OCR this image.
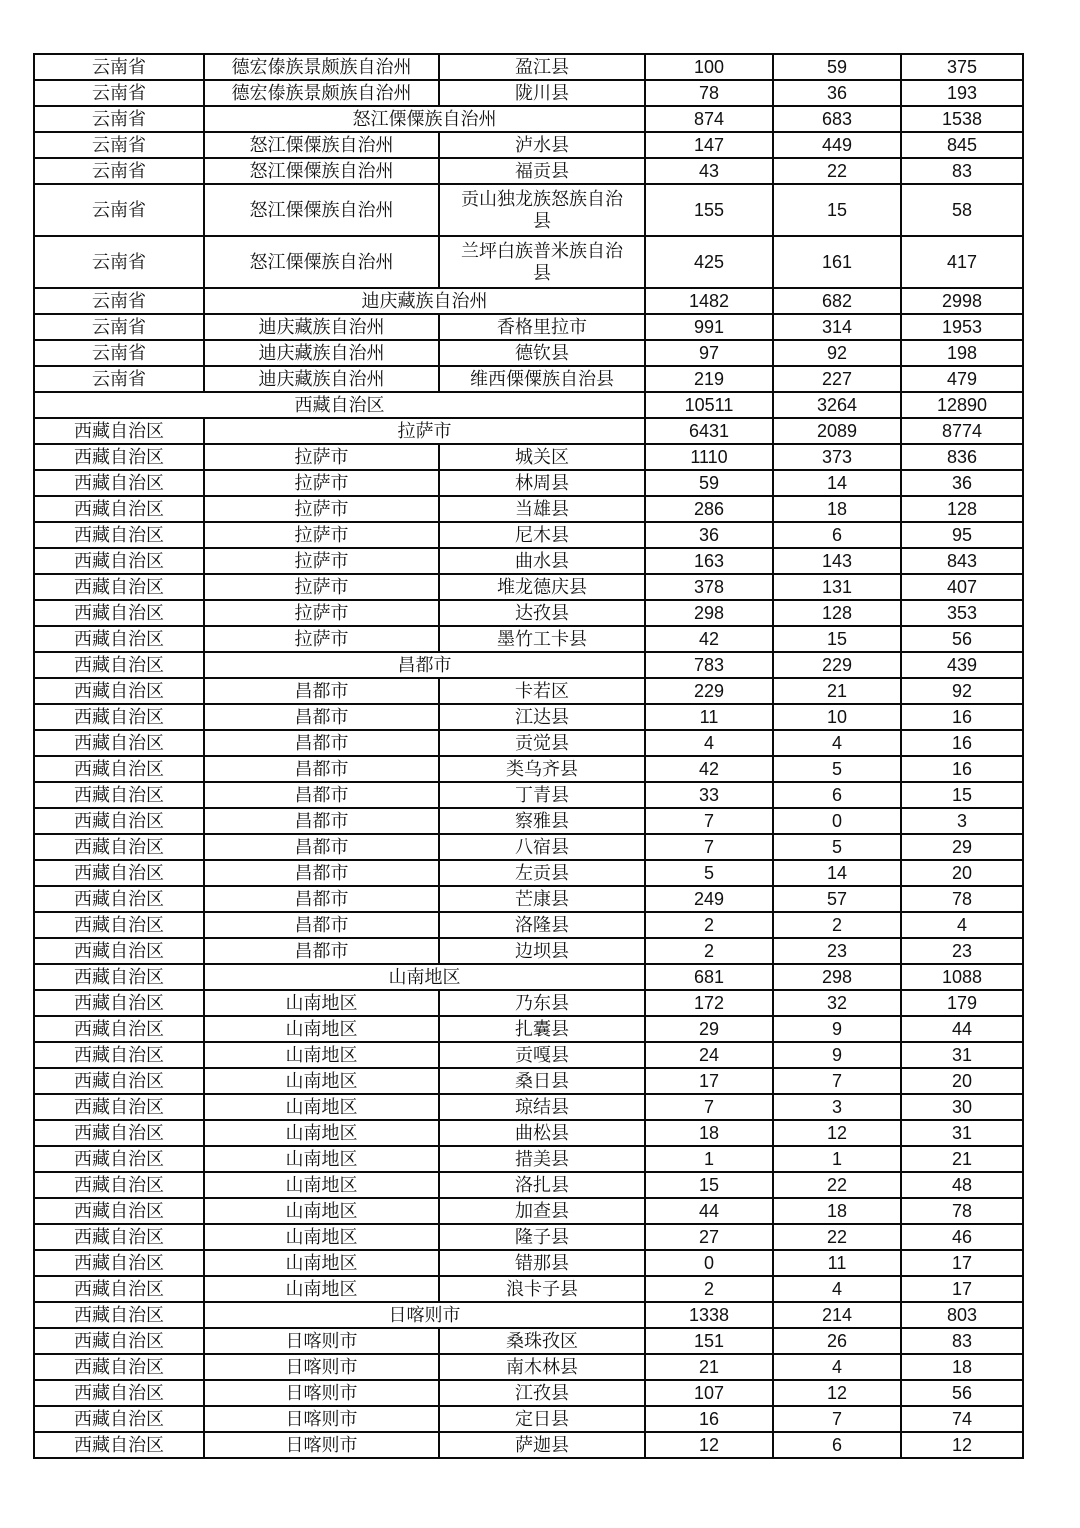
云南省	德宏傣族景颇族自治州	盈江县	100	59	375
云南省	德宏傣族景颇族自治州	陇川县	78	36	193
云南省	怒江傈僳族自治州		874	683	1538
云南省	怒江傈僳族自治州	泸水县	147	449	845
云南省	怒江傈僳族自治州	福贡县	43	22	83
云南省	怒江傈僳族自治州	贡山独龙族怒族自治县	155	15	58
云南省	怒江傈僳族自治州	兰坪白族普米族自治县	425	161	417
云南省	迪庆藏族自治州		1482	682	2998
云南省	迪庆藏族自治州	香格里拉市	991	314	1953
云南省	迪庆藏族自治州	德钦县	97	92	198
云南省	迪庆藏族自治州	维西傈僳族自治县	219	227	479
西藏自治区			10511	3264	12890
西藏自治区	拉萨市		6431	2089	8774
西藏自治区	拉萨市	城关区	1110	373	836
西藏自治区	拉萨市	林周县	59	14	36
西藏自治区	拉萨市	当雄县	286	18	128
西藏自治区	拉萨市	尼木县	36	6	95
西藏自治区	拉萨市	曲水县	163	143	843
西藏自治区	拉萨市	堆龙德庆县	378	131	407
西藏自治区	拉萨市	达孜县	298	128	353
西藏自治区	拉萨市	墨竹工卡县	42	15	56
西藏自治区	昌都市		783	229	439
西藏自治区	昌都市	卡若区	229	21	92
西藏自治区	昌都市	江达县	11	10	16
西藏自治区	昌都市	贡觉县	4	4	16
西藏自治区	昌都市	类乌齐县	42	5	16
西藏自治区	昌都市	丁青县	33	6	15
西藏自治区	昌都市	察雅县	7	0	3
西藏自治区	昌都市	八宿县	7	5	29
西藏自治区	昌都市	左贡县	5	14	20
西藏自治区	昌都市	芒康县	249	57	78
西藏自治区	昌都市	洛隆县	2	2	4
西藏自治区	昌都市	边坝县	2	23	23
西藏自治区	山南地区		681	298	1088
西藏自治区	山南地区	乃东县	172	32	179
西藏自治区	山南地区	扎囊县	29	9	44
西藏自治区	山南地区	贡嘎县	24	9	31
西藏自治区	山南地区	桑日县	17	7	20
西藏自治区	山南地区	琼结县	7	3	30
西藏自治区	山南地区	曲松县	18	12	31
西藏自治区	山南地区	措美县	1	1	21
西藏自治区	山南地区	洛扎县	15	22	48
西藏自治区	山南地区	加查县	44	18	78
西藏自治区	山南地区	隆子县	27	22	46
西藏自治区	山南地区	错那县	0	11	17
西藏自治区	山南地区	浪卡子县	2	4	17
西藏自治区	日喀则市		1338	214	803
西藏自治区	日喀则市	桑珠孜区	151	26	83
西藏自治区	日喀则市	南木林县	21	4	18
西藏自治区	日喀则市	江孜县	107	12	56
西藏自治区	日喀则市	定日县	16	7	74
西藏自治区	日喀则市	萨迦县	12	6	12
